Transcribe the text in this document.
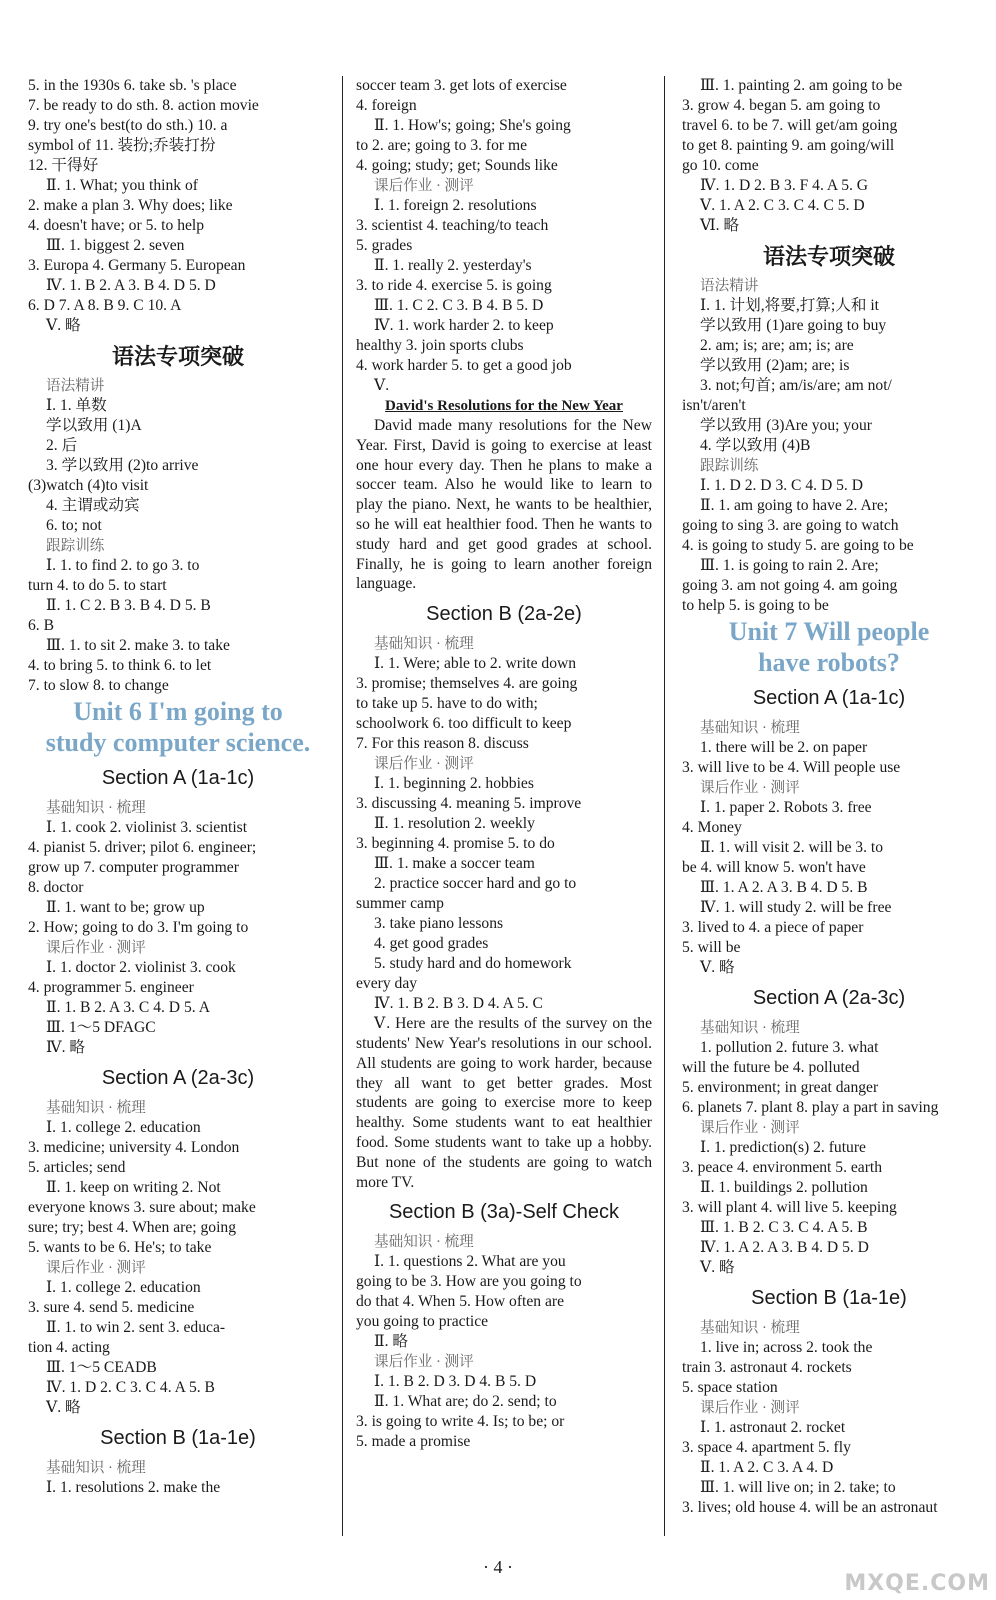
5. in the 1930s 6. take sb. 's place
7. be ready to do sth. 8. action movie
9. try one's best(to do sth.) 10. a
symbol of 11. 装扮;乔装打扮
12. 干得好
Ⅱ. 1. What; you think of
2. make a plan 3. Why does; like
4. doesn't have; or 5. to help
Ⅲ. 1. biggest 2. seven
3. Europa 4. Germany 5. European
Ⅳ. 1. B 2. A 3. B 4. D 5. D
6. D 7. A 8. B 9. C 10. A
Ⅴ. 略
语法专项突破
语法精讲
Ⅰ. 1. 单数
学以致用 (1)A
2. 后
3. 学以致用 (2)to arrive
(3)watch (4)to visit
4. 主谓或动宾
6. to; not
跟踪训练
Ⅰ. 1. to find 2. to go 3. to
turn 4. to do 5. to start
Ⅱ. 1. C 2. B 3. B 4. D 5. B
6. B
Ⅲ. 1. to sit 2. make 3. to take
4. to bring 5. to think 6. to let
7. to slow 8. to change
Unit 6 I'm going to
study computer science.
Section A (1a-1c)
基础知识 · 梳理
Ⅰ. 1. cook 2. violinist 3. scientist
4. pianist 5. driver; pilot 6. engineer;
grow up 7. computer programmer
8. doctor
Ⅱ. 1. want to be; grow up
2. How; going to do 3. I'm going to
课后作业 · 测评
Ⅰ. 1. doctor 2. violinist 3. cook
4. programmer 5. engineer
Ⅱ. 1. B 2. A 3. C 4. D 5. A
Ⅲ. 1～5 DFAGC
Ⅳ. 略
Section A (2a-3c)
基础知识 · 梳理
Ⅰ. 1. college 2. education
3. medicine; university 4. London
5. articles; send
Ⅱ. 1. keep on writing 2. Not
everyone knows 3. sure about; make
sure; try; best 4. When are; going
5. wants to be 6. He's; to take
课后作业 · 测评
Ⅰ. 1. college 2. education
3. sure 4. send 5. medicine
Ⅱ. 1. to win 2. sent 3. educa-
tion 4. acting
Ⅲ. 1～5 CEADB
Ⅳ. 1. D 2. C 3. C 4. A 5. B
Ⅴ. 略
Section B (1a-1e)
基础知识 · 梳理
Ⅰ. 1. resolutions 2. make the
soccer team 3. get lots of exercise
4. foreign
Ⅱ. 1. How's; going; She's going
to 2. are; going to 3. for me
4. going; study; get; Sounds like
课后作业 · 测评
Ⅰ. 1. foreign 2. resolutions
3. scientist 4. teaching/to teach
5. grades
Ⅱ. 1. really 2. yesterday's
3. to ride 4. exercise 5. is going
Ⅲ. 1. C 2. C 3. B 4. B 5. D
Ⅳ. 1. work harder 2. to keep
healthy 3. join sports clubs
4. work harder 5. to get a good job
Ⅴ.
David's Resolutions for the New Year
David made many resolutions for the New Year. First, David is going to exercise at least one hour every day. Then he plans to make a soccer team. Also he would like to learn to play the piano. Next, he wants to be healthier, so he will eat healthier food. Then he wants to study hard and get good grades at school. Finally, he is going to learn another foreign language.
Section B (2a-2e)
基础知识 · 梳理
Ⅰ. 1. Were; able to 2. write down
3. promise; themselves 4. are going
to take up 5. have to do with;
schoolwork 6. too difficult to keep
7. For this reason 8. discuss
课后作业 · 测评
Ⅰ. 1. beginning 2. hobbies
3. discussing 4. meaning 5. improve
Ⅱ. 1. resolution 2. weekly
3. beginning 4. promise 5. to do
Ⅲ. 1. make a soccer team
2. practice soccer hard and go to
summer camp
3. take piano lessons
4. get good grades
5. study hard and do homework
every day
Ⅳ. 1. B 2. B 3. D 4. A 5. C
Ⅴ. Here are the results of the survey on the students' New Year's resolutions in our school. All students are going to work harder, because they all want to get better grades. Most students are going to exercise more to keep healthy. Some students want to eat healthier food. Some students want to take up a hobby. But none of the students are going to watch more TV.
Section B (3a)-Self Check
基础知识 · 梳理
Ⅰ. 1. questions 2. What are you
going to be 3. How are you going to
do that 4. When 5. How often are
you going to practice
Ⅱ. 略
课后作业 · 测评
Ⅰ. 1. B 2. D 3. D 4. B 5. D
Ⅱ. 1. What are; do 2. send; to
3. is going to write 4. Is; to be; or
5. made a promise
Ⅲ. 1. painting 2. am going to be
3. grow 4. began 5. am going to
travel 6. to be 7. will get/am going
to get 8. painting 9. am going/will
go 10. come
Ⅳ. 1. D 2. B 3. F 4. A 5. G
Ⅴ. 1. A 2. C 3. C 4. C 5. D
Ⅵ. 略
语法专项突破
语法精讲
Ⅰ. 1. 计划,将要,打算;人和 it
学以致用 (1)are going to buy
2. am; is; are; am; is; are
学以致用 (2)am; are; is
3. not;句首; am/is/are; am not/
isn't/aren't
学以致用 (3)Are you; your
4. 学以致用 (4)B
跟踪训练
Ⅰ. 1. D 2. D 3. C 4. D 5. D
Ⅱ. 1. am going to have 2. Are;
going to sing 3. are going to watch
4. is going to study 5. are going to be
Ⅲ. 1. is going to rain 2. Are;
going 3. am not going 4. am going
to help 5. is going to be
Unit 7 Will people
have robots?
Section A (1a-1c)
基础知识 · 梳理
1. there will be 2. on paper
3. will live to be 4. Will people use
课后作业 · 测评
Ⅰ. 1. paper 2. Robots 3. free
4. Money
Ⅱ. 1. will visit 2. will be 3. to
be 4. will know 5. won't have
Ⅲ. 1. A 2. A 3. B 4. D 5. B
Ⅳ. 1. will study 2. will be free
3. lived to 4. a piece of paper
5. will be
Ⅴ. 略
Section A (2a-3c)
基础知识 · 梳理
1. pollution 2. future 3. what
will the future be 4. polluted
5. environment; in great danger
6. planets 7. plant 8. play a part in saving
课后作业 · 测评
Ⅰ. 1. prediction(s) 2. future
3. peace 4. environment 5. earth
Ⅱ. 1. buildings 2. pollution
3. will plant 4. will live 5. keeping
Ⅲ. 1. B 2. C 3. C 4. A 5. B
Ⅳ. 1. A 2. A 3. B 4. D 5. D
Ⅴ. 略
Section B (1a-1e)
基础知识 · 梳理
1. live in; across 2. took the
train 3. astronaut 4. rockets
5. space station
课后作业 · 测评
Ⅰ. 1. astronaut 2. rocket
3. space 4. apartment 5. fly
Ⅱ. 1. A 2. C 3. A 4. D
Ⅲ. 1. will live on; in 2. take; to
3. lives; old house 4. will be an astronaut
· 4 ·
MXQE.COM
